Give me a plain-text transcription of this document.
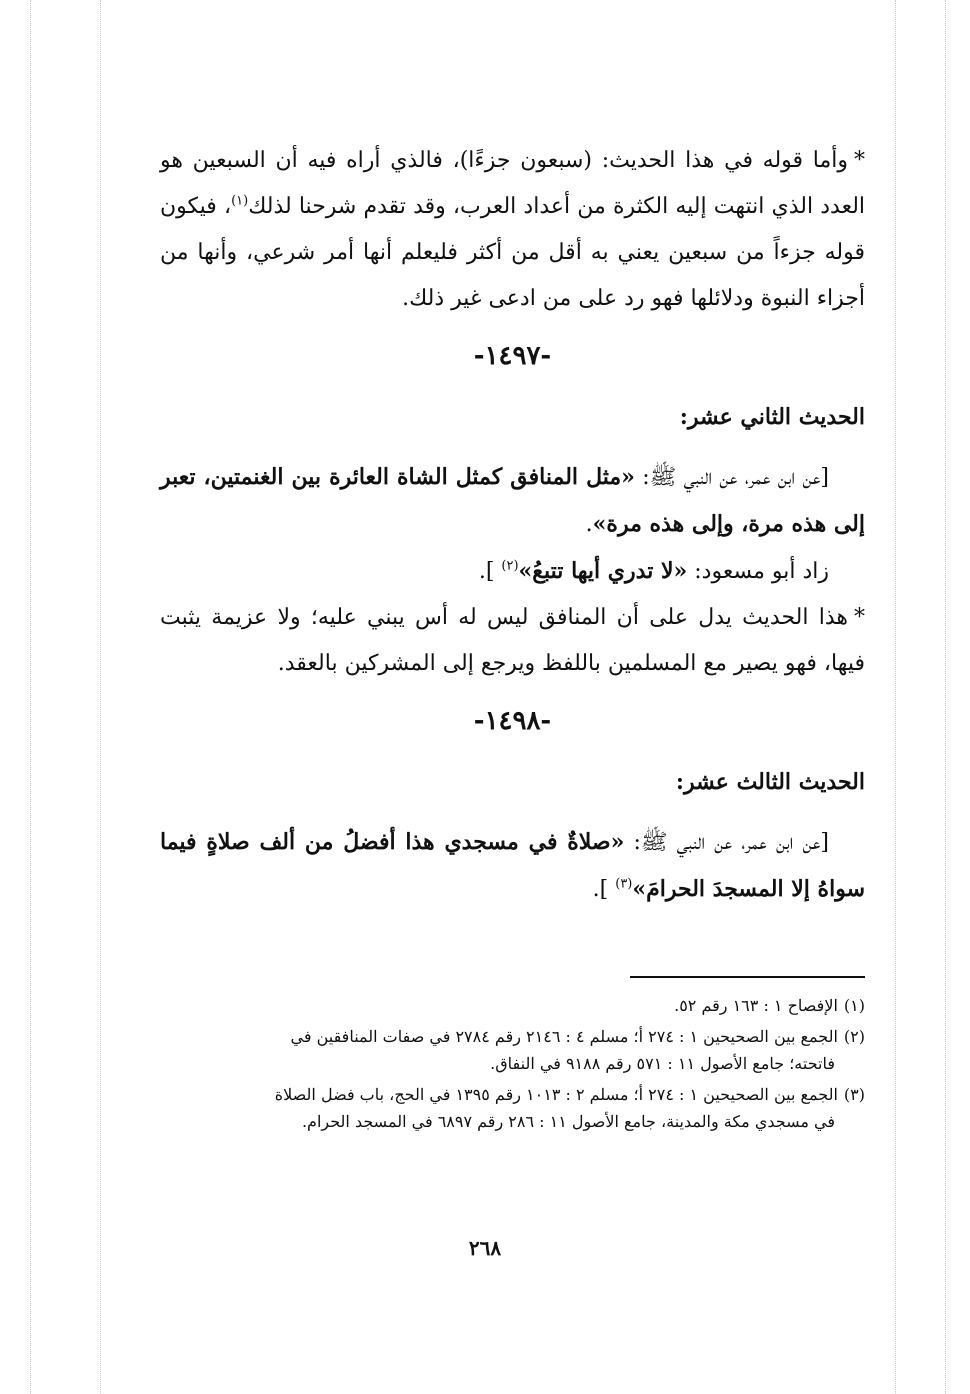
*وأما قوله في هذا الحديث: (سبعون جزءًا)، فالذي أراه فيه أن السبعين هو العدد الذي انتهت إليه الكثرة من أعداد العرب، وقد تقدم شرحنا لذلك$^{(١)}$، فيكون قوله جزءاً من سبعين يعني به أقل من أكثر فليعلم أنها أمر شرعي، وأنها من أجزاء النبوة ودلائلها فهو رد على من ادعى غير ذلك.

-١٤٩٧-
الحديث الثاني عشر:

[عن ابن عمر، عن النبي ﷺ: «مثل المنافق كمثل الشاة العائرة بين الغنمتين، تعبر إلى هذه مرة، وإلى هذه مرة».

زاد أبو مسعود: «لا تدري أيها تتبعُ»$^{(٢)}$ ].

*هذا الحديث يدل على أن المنافق ليس له أس يبني عليه؛ ولا عزيمة يثبت فيها، فهو يصير مع المسلمين باللفظ ويرجع إلى المشركين بالعقد.

-١٤٩٨-
الحديث الثالث عشر:

[عن ابن عمر، عن النبي ﷺ: «صلاةٌ في مسجدي هذا أفضلُ من ألف صلاةٍ فيما سواهُ إلا المسجدَ الحرامَ»$^{(٣)}$ ].

(١)الإفصاح ١ : ١٦٣ رقم ٥٢.

(٢)الجمع بين الصحيحين ١ : ٢٧٤ أ؛ مسلم ٤ : ٢١٤٦ رقم ٢٧٨٤ في صفات المنافقين في
فاتحته؛ جامع الأصول ١١ : ٥٧١ رقم ٩١٨٨ في النفاق.

(٣)الجمع بين الصحيحين ١ : ٢٧٤ أ؛ مسلم ٢ : ١٠١٣ رقم ١٣٩٥ في الحج، باب فضل الصلاة
في مسجدي مكة والمدينة، جامع الأصول ١١ : ٢٨٦ رقم ٦٨٩٧ في المسجد الحرام.

٢٦٨
